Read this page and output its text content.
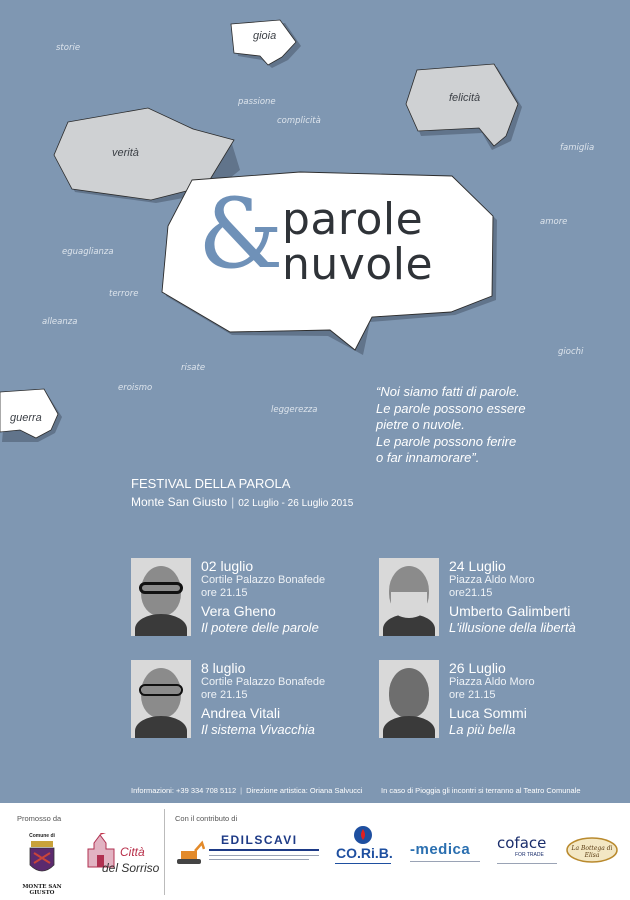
storie
passione
complicità
famiglia
amore
eguaglianza
terrore
alleanza
giochi
risate
eroismo
leggerezza
gioia
felicità
verità
guerra
&
parole
nuvole
“Noi siamo fatti di parole.
Le parole possono essere
pietre o nuvole.
Le parole possono ferire
o far innamorare”.
FESTIVAL DELLA PAROLA
Monte San Giusto | 02 Luglio - 26 Luglio 2015
02 luglio
Cortile Palazzo Bonafede
ore 21.15
Vera Gheno
Il potere delle parole
24 Luglio
Piazza Aldo Moro
ore21.15
Umberto Galimberti
L'illusione della libertà
8 luglio
Cortile Palazzo Bonafede
ore 21.15
Andrea Vitali
Il sistema Vivacchia
26 Luglio
Piazza Aldo Moro
ore 21.15
Luca Sommi
La più bella
Informazioni: +39 334 708 5112 | Direzione artistica: Oriana Salvucci In caso di Pioggia gli incontri si terranno al Teatro Comunale
Promosso da	Con il contributo di
Comune di
MONTE SAN GIUSTO
Città
del Sorriso
EDILSCAVI
CO.Ri.B. -medica	coface
FOR TRADE
La Bottega di Elisa
